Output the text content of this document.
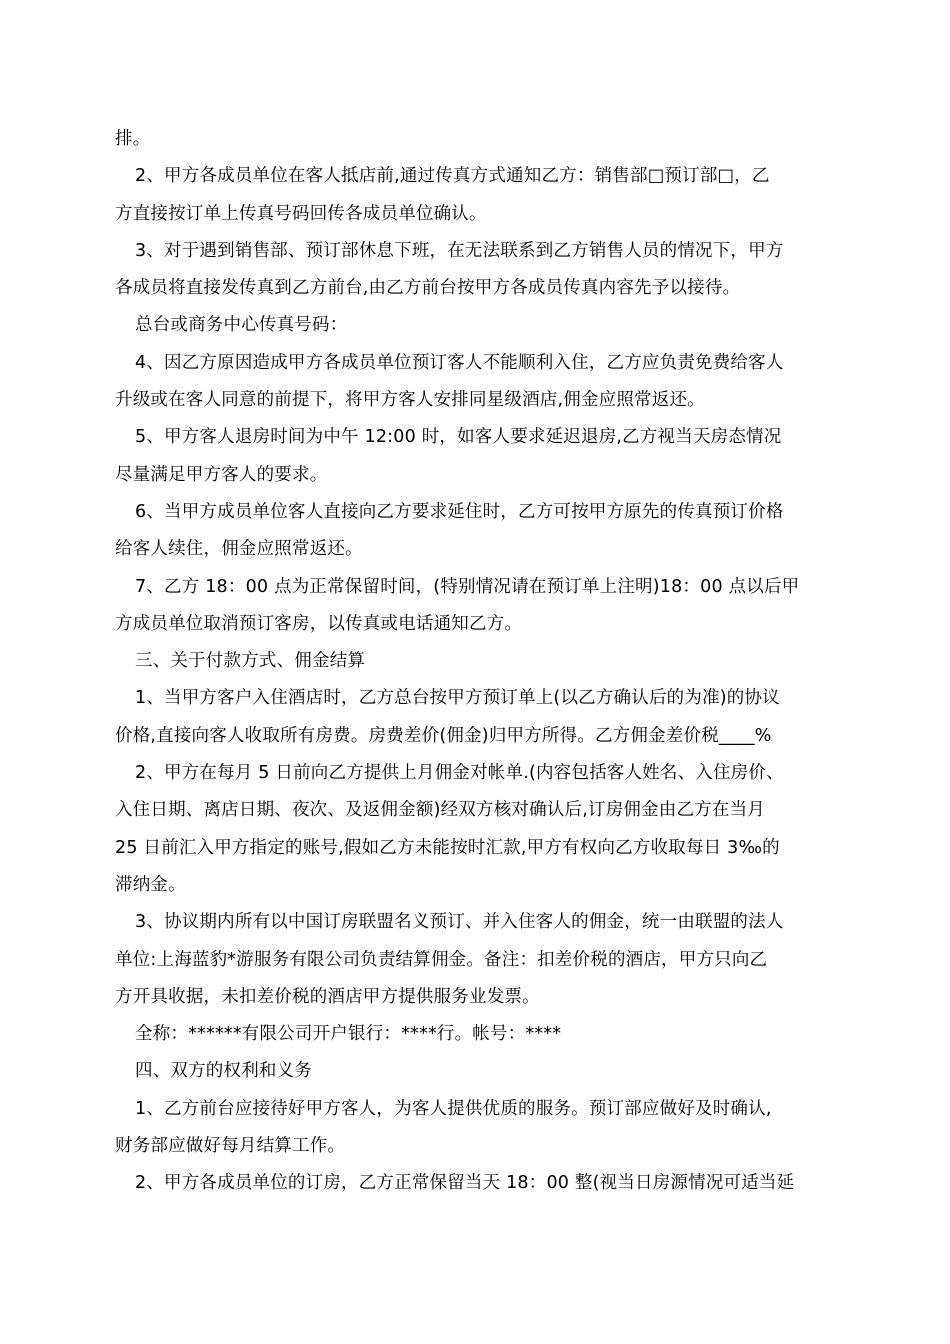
排。
2、甲方各成员单位在客人抵店前,通过传真方式通知乙方：销售部□预订部□，乙
方直接按订单上传真号码回传各成员单位确认。
3、对于遇到销售部、预订部休息下班，在无法联系到乙方销售人员的情况下，甲方
各成员将直接发传真到乙方前台,由乙方前台按甲方各成员传真内容先予以接待。
总台或商务中心传真号码：
4、因乙方原因造成甲方各成员单位预订客人不能顺利入住，乙方应负责免费给客人
升级或在客人同意的前提下，将甲方客人安排同星级酒店,佣金应照常返还。
5、甲方客人退房时间为中午 12:00 时，如客人要求延迟退房,乙方视当天房态情况
尽量满足甲方客人的要求。
6、当甲方成员单位客人直接向乙方要求延住时，乙方可按甲方原先的传真预订价格
给客人续住，佣金应照常返还。
7、乙方 18：00 点为正常保留时间，(特别情况请在预订单上注明)18：00 点以后甲
方成员单位取消预订客房，以传真或电话通知乙方。
三、关于付款方式、佣金结算
1、当甲方客户入住酒店时，乙方总台按甲方预订单上(以乙方确认后的为准)的协议
价格,直接向客人收取所有房费。房费差价(佣金)归甲方所得。乙方佣金差价税____%
2、甲方在每月 5 日前向乙方提供上月佣金对帐单.(内容包括客人姓名、入住房价、
入住日期、离店日期、夜次、及返佣金额)经双方核对确认后,订房佣金由乙方在当月
25 日前汇入甲方指定的账号,假如乙方未能按时汇款,甲方有权向乙方收取每日 3‰的
滞纳金。
3、协议期内所有以中国订房联盟名义预订、并入住客人的佣金，统一由联盟的法人
单位:上海蓝豹*游服务有限公司负责结算佣金。备注：扣差价税的酒店，甲方只向乙
方开具收据，未扣差价税的酒店甲方提供服务业发票。
全称：******有限公司开户银行：****行。帐号：****
四、双方的权利和义务
1、乙方前台应接待好甲方客人，为客人提供优质的服务。预订部应做好及时确认,
财务部应做好每月结算工作。
2、甲方各成员单位的订房，乙方正常保留当天 18：00 整(视当日房源情况可适当延
